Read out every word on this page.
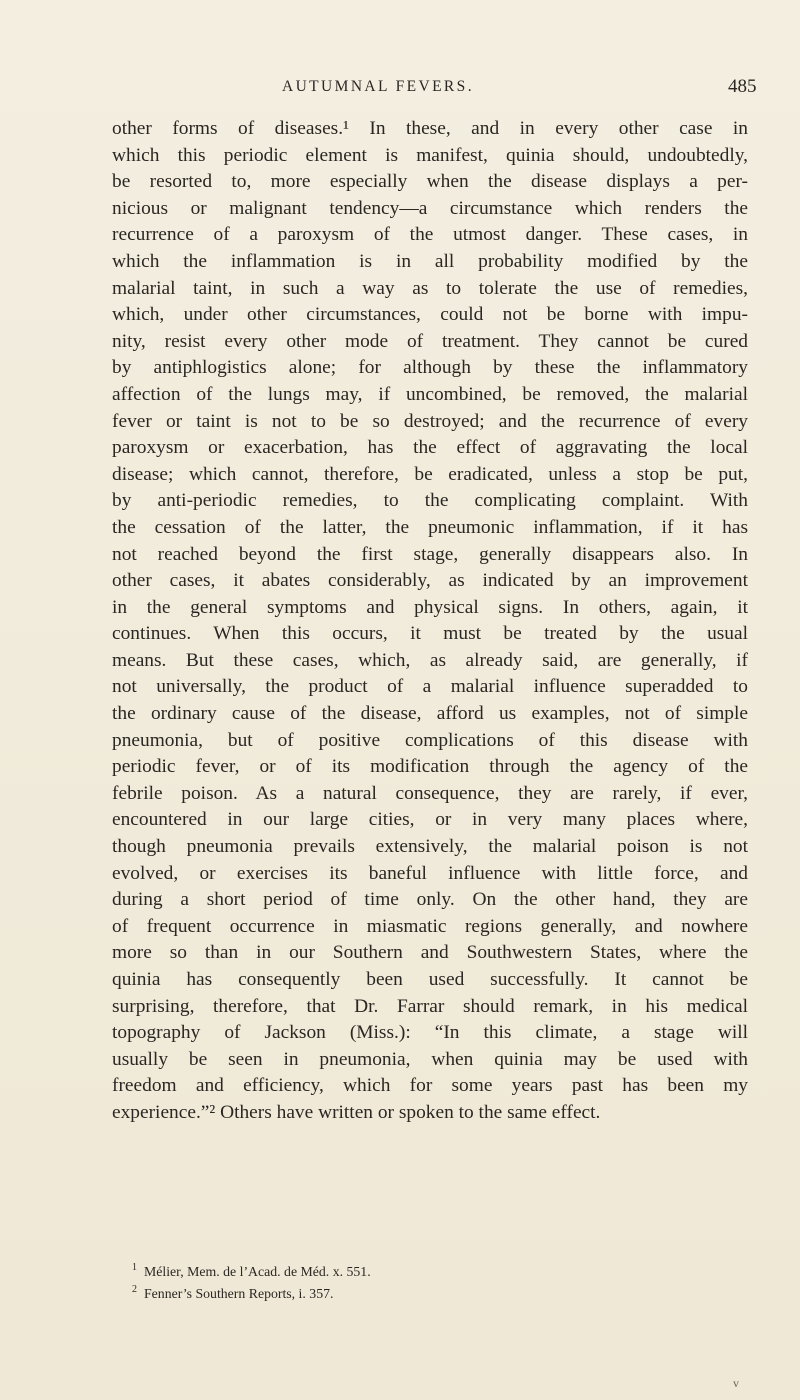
AUTUMNAL FEVERS.	485
other forms of diseases.¹ In these, and in every other case in
which this periodic element is manifest, quinia should, undoubtedly,
be resorted to, more especially when the disease displays a per-
nicious or malignant tendency—a circumstance which renders the
recurrence of a paroxysm of the utmost danger. These cases, in
which the inflammation is in all probability modified by the
malarial taint, in such a way as to tolerate the use of remedies,
which, under other circumstances, could not be borne with impu-
nity, resist every other mode of treatment. They cannot be cured
by antiphlogistics alone; for although by these the inflammatory
affection of the lungs may, if uncombined, be removed, the malarial
fever or taint is not to be so destroyed; and the recurrence of every
paroxysm or exacerbation, has the effect of aggravating the local
disease; which cannot, therefore, be eradicated, unless a stop be put,
by anti-periodic remedies, to the complicating complaint. With
the cessation of the latter, the pneumonic inflammation, if it has
not reached beyond the first stage, generally disappears also. In
other cases, it abates considerably, as indicated by an improvement
in the general symptoms and physical signs. In others, again, it
continues. When this occurs, it must be treated by the usual
means. But these cases, which, as already said, are generally, if
not universally, the product of a malarial influence superadded to
the ordinary cause of the disease, afford us examples, not of simple
pneumonia, but of positive complications of this disease with
periodic fever, or of its modification through the agency of the
febrile poison. As a natural consequence, they are rarely, if ever,
encountered in our large cities, or in very many places where,
though pneumonia prevails extensively, the malarial poison is not
evolved, or exercises its baneful influence with little force, and
during a short period of time only. On the other hand, they are
of frequent occurrence in miasmatic regions generally, and nowhere
more so than in our Southern and Southwestern States, where the
quinia has consequently been used successfully. It cannot be
surprising, therefore, that Dr. Farrar should remark, in his medical
topography of Jackson (Miss.): “In this climate, a stage will
usually be seen in pneumonia, when quinia may be used with
freedom and efficiency, which for some years past has been my
experience.”² Others have written or spoken to the same effect.
1 Mélier, Mem. de l’Acad. de Méd. x. 551.
2 Fenner’s Southern Reports, i. 357.
v
